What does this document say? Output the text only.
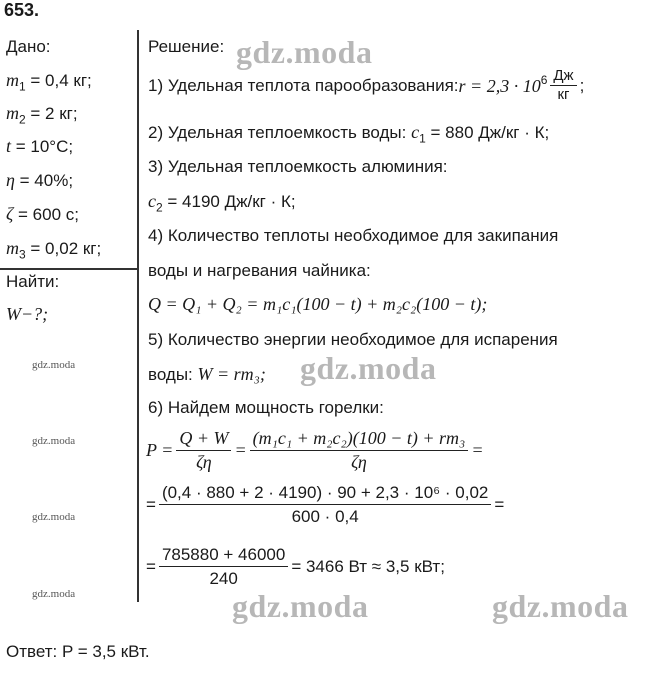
653.
Дано:
$m_1 = 0,4$ кг;
$m_2 = 2$ кг;
t = 10°C;
η = 40%;
ζ = 600 с;
$m_3 = 0,02$ кг;
Найти:
W−?;
Решение:
1) Удельная теплота парообразования: $r = 2,3 \cdot 10^6 \frac{Дж}{кг}$ ;
2) Удельная теплоемкость воды: $c_1 = 880$ Дж/кг · К;
3) Удельная теплоемкость алюминия:
$c_2 = 4190$ Дж/кг · К;
4) Количество теплоты необходимое для закипания
воды и нагревания чайника:
Q = Q₁ + Q₂ = m₁c₁(100 − t) + m₂c₂(100 − t);
5) Количество энергии необходимое для испарения
воды: W = rm₃;
6) Найдем мощность горелки:
$P = \frac{Q + W}{\zeta\eta} = \frac{\text{(m₁c₁ + m₂c₂)(100 − t) + rm₃}}{\zeta\eta}$ =
= $\frac{\text{(0,4 · 880 + 2 · 4190) · 90 + 2,3 · 10⁶ · 0,02}}{600 \cdot 0,4}$ =
= $\frac{785880 + 46000}{240} = 3466$ Вт ≈ 3,5 кВт;
Ответ: P = 3,5 кВт.
gdz.moda
gdz.moda
gdz.moda	gdz.moda
gdz.moda
gdz.moda
gdz.moda
gdz.moda
